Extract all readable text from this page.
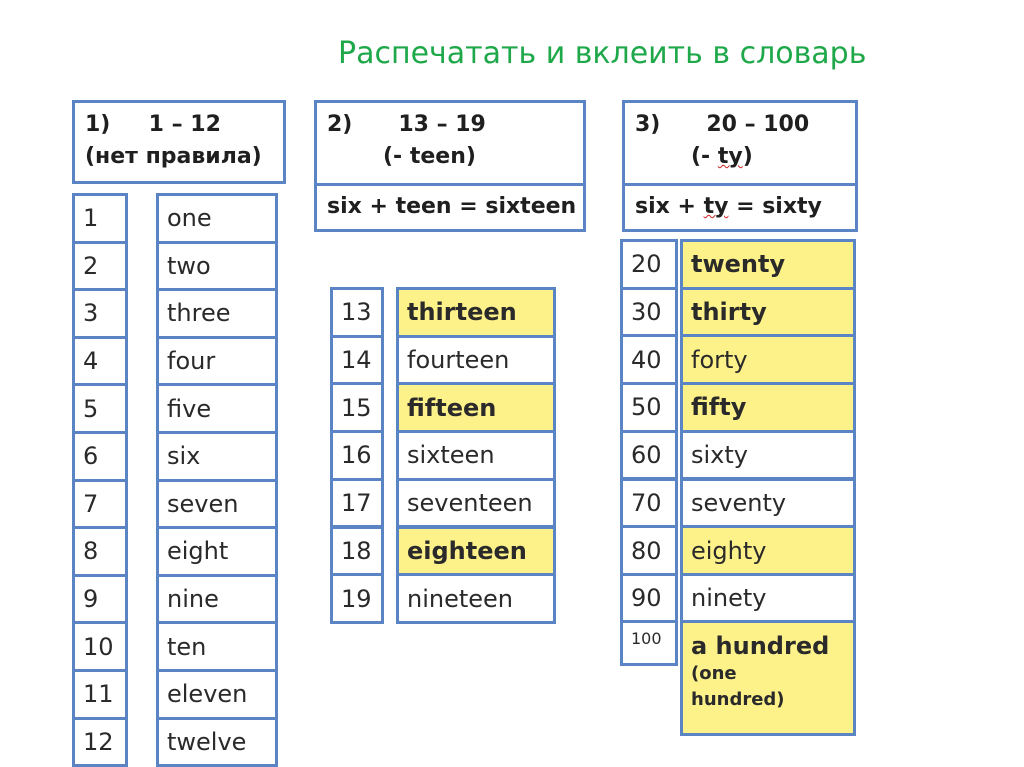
Распечатать и вклеить в словарь
1)     1 – 12
(нет правила)
2)      13 – 19
(- teen)
six + teen = sixteen
3)      20 – 100
(- ty)
six + ty = sixty
1	one
2	two
3	three
4	four
5	five
6	six
7	seven
8	eight
9	nine
10	ten
11	eleven
12	twelve
13	thirteen
14	fourteen
15	fifteen
16	sixteen
17	seventeen
18	eighteen
19	nineteen
20	twenty
30	thirty
40	forty
50	fifty
60	sixty
70	seventy
80	eighty
90	ninety
100	a hundred
(one
hundred)
